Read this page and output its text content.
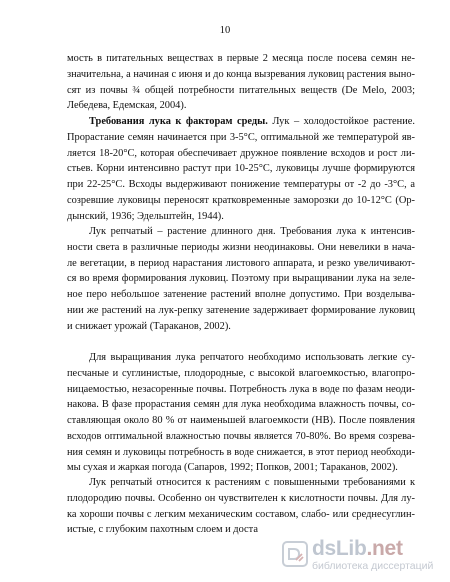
10
мость в питательных веществах в первые 2 месяца после посева семян не-
значительна, а начиная с июня и до конца вызревания луковиц растения выно-
сят из почвы ¾ общей потребности питательных веществ (De Melo, 2003;
Лебедева, Едемская, 2004).
Требования лука к факторам среды. Лук – холодостойкое растение.
Прорастание семян начинается при 3-5°С, оптимальной же температурой яв-
ляется 18-20°С, которая обеспечивает дружное появление всходов и рост ли-
стьев. Корни интенсивно растут при 10-25°С, луковицы лучше формируются
при 22-25°С. Всходы выдерживают понижение температуры от -2 до -3°С, а
созревшие луковицы переносят кратковременные заморозки до 10-12°С (Ор-
дынский, 1936; Эдельштейн, 1944).
Лук репчатый – растение длинного дня. Требования лука к интенсив-
ности света в различные периоды жизни неодинаковы. Они невелики в нача-
ле вегетации, в период нарастания листового аппарата, и резко увеличивают-
ся во время формирования луковиц. Поэтому при выращивании лука на зеле-
ное перо небольшое затенение растений вполне допустимо. При возделыва-
нии же растений на лук-репку затенение задерживает формирование луковиц
и снижает урожай (Тараканов, 2002).
Для выращивания лука репчатого необходимо использовать легкие су-
песчаные и суглинистые, плодородные, с высокой влагоемкостью, влагопро-
ницаемостью, незасоренные почвы. Потребность лука в воде по фазам неоди-
накова. В фазе прорастания семян для лука необходима влажность почвы, со-
ставляющая около 80 % от наименьшей влагоемкости (НВ). После появления
всходов оптимальной влажностью почвы является 70-80%. Во время созрева-
ния семян и луковицы потребность в воде снижается, в этот период необходи-
мы сухая и жаркая погода (Сапаров, 1992; Попков, 2001; Тараканов, 2002).
Лук репчатый относится к растениям с повышенными требованиями к
плодородию почвы. Особенно он чувствителен к кислотности почвы. Для лу-
ка хороши почвы с легким механическим составом, слабо- или среднесуглин-
истые, с глубоким пахотным слоем и доста
dsLib.net
библиотека диссертаций
